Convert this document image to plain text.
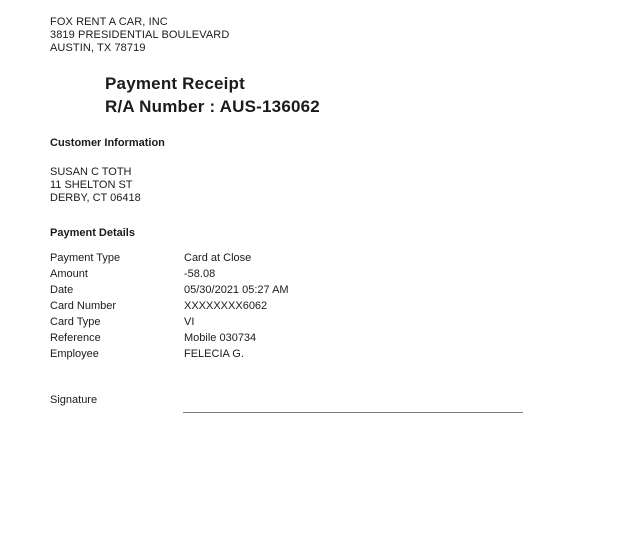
FOX RENT A CAR, INC
3819 PRESIDENTIAL BOULEVARD
AUSTIN, TX 78719
Payment Receipt
R/A Number : AUS-136062
Customer Information
SUSAN C TOTH
11 SHELTON ST
DERBY, CT 06418
Payment Details
Payment Type	Card at Close
Amount	-58.08
Date	05/30/2021 05:27 AM
Card Number	XXXXXXXX6062
Card Type	VI
Reference	Mobile 030734
Employee	FELECIA G.
Signature
